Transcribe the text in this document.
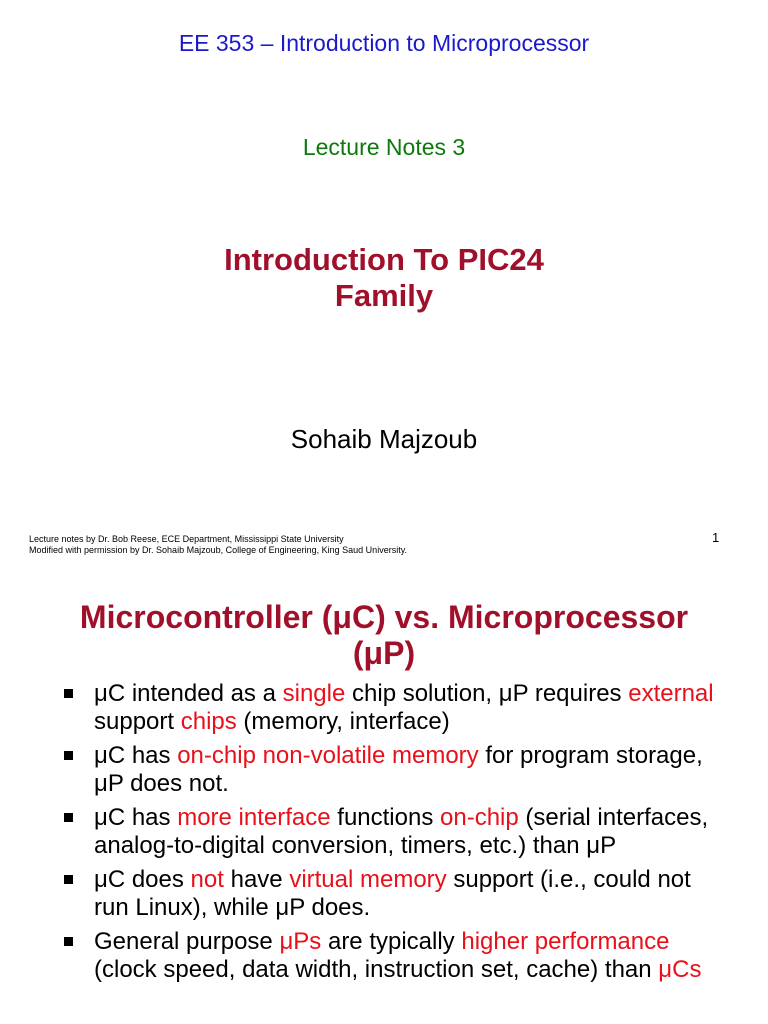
EE 353 – Introduction to Microprocessor
Lecture Notes 3
Introduction To PIC24
Family
Sohaib Majzoub
Lecture notes by Dr. Bob Reese, ECE Department, Mississippi State University
Modified with permission by Dr. Sohaib Majzoub, College of Engineering, King Saud University.
1
Microcontroller (μC) vs. Microprocessor
(μP)
μC intended as a single chip solution, μP requires external support chips (memory, interface)
μC has on-chip non-volatile memory for program storage, μP does not.
μC has more interface functions on-chip (serial interfaces, analog-to-digital conversion, timers, etc.) than μP
μC does not have virtual memory support (i.e., could not run Linux), while μP does.
General purpose μPs are typically higher performance (clock speed, data width, instruction set, cache) than μCs
